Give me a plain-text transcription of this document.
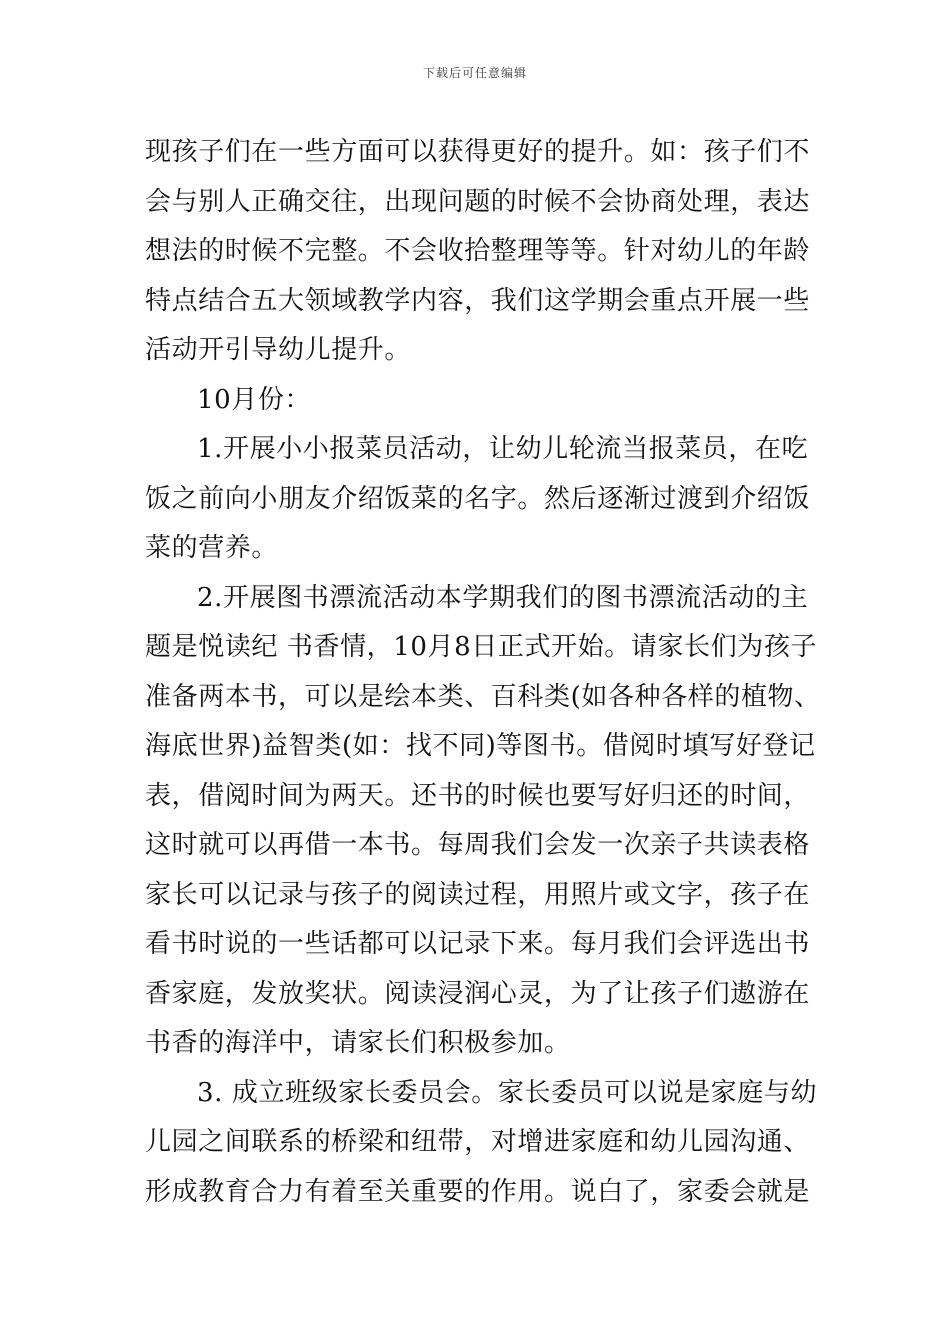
下载后可任意编辑
现孩子们在一些方面可以获得更好的提升。如：孩子们不
会与别人正确交往，出现问题的时候不会协商处理，表达
想法的时候不完整。不会收拾整理等等。针对幼儿的年龄
特点结合五大领域教学内容，我们这学期会重点开展一些
活动开引导幼儿提升。
10月份：
1.开展小小报菜员活动，让幼儿轮流当报菜员，在吃
饭之前向小朋友介绍饭菜的名字。然后逐渐过渡到介绍饭
菜的营养。
2.开展图书漂流活动本学期我们的图书漂流活动的主
题是悦读纪 书香情，10月8日正式开始。请家长们为孩子
准备两本书，可以是绘本类、百科类(如各种各样的植物、
海底世界)益智类(如：找不同)等图书。借阅时填写好登记
表，借阅时间为两天。还书的时候也要写好归还的时间，
这时就可以再借一本书。每周我们会发一次亲子共读表格
家长可以记录与孩子的阅读过程，用照片或文字，孩子在
看书时说的一些话都可以记录下来。每月我们会评选出书
香家庭，发放奖状。阅读浸润心灵，为了让孩子们遨游在
书香的海洋中，请家长们积极参加。
3. 成立班级家长委员会。家长委员可以说是家庭与幼
儿园之间联系的桥梁和纽带，对增进家庭和幼儿园沟通、
形成教育合力有着至关重要的作用。说白了，家委会就是
